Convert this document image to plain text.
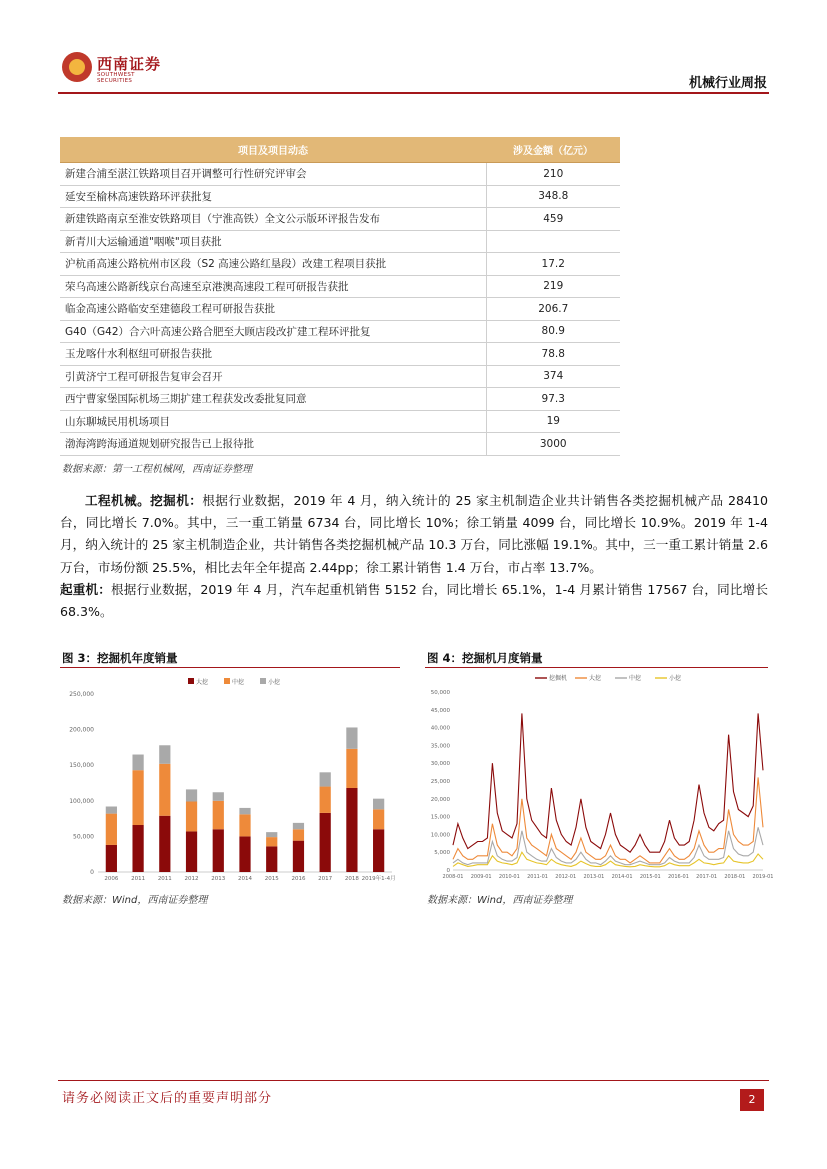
西南证券
SOUTHWEST SECURITIES	机械行业周报
项目及项目动态	涉及金额（亿元）
新建合浦至湛江铁路项目召开调整可行性研究评审会	210
延安至榆林高速铁路环评获批复	348.8
新建铁路南京至淮安铁路项目（宁淮高铁）全文公示版环评报告发布	459
新青川大运输通道"咽喉"项目获批	
沪杭甬高速公路杭州市区段（S2 高速公路红垦段）改建工程项目获批	17.2
荣乌高速公路新线京台高速至京港澳高速段工程可研报告获批	219
临金高速公路临安至建德段工程可研报告获批	206.7
G40（G42）合六叶高速公路合肥至大顾店段改扩建工程环评批复	80.9
玉龙喀什水利枢纽可研报告获批	78.8
引黄济宁工程可研报告复审会召开	374
西宁曹家堡国际机场三期扩建工程获发改委批复同意	97.3
山东聊城民用机场项目	19
渤海湾跨海通道规划研究报告已上报待批	3000
数据来源：第一工程机械网，西南证券整理
工程机械。挖掘机：根据行业数据，2019 年 4 月，纳入统计的 25 家主机制造企业共计销售各类挖掘机械产品 28410 台，同比增长 7.0%。其中，三一重工销量 6734 台，同比增长 10%；徐工销量 4099 台，同比增长 10.9%。2019 年 1-4 月，纳入统计的 25 家主机制造企业，共计销售各类挖掘机械产品 10.3 万台，同比涨幅 19.1%。其中，三一重工累计销量 2.6 万台，市场份额 25.5%，相比去年全年提高 2.44pp；徐工累计销售 1.4 万台，市占率 13.7%。
起重机：根据行业数据，2019 年 4 月，汽车起重机销售 5152 台，同比增长 65.1%，1-4 月累计销售 17567 台，同比增长 68.3%。
图 3：挖掘机年度销量
大挖	中挖	小挖
0
50,000
100,000
150,000
200,000
250,000
2006 2011 2011 2012 2013 2014 2015 2016 2017 2018 2019年1-4月
数据来源：Wind，西南证券整理
图 4：挖掘机月度销量
挖掘机	大挖	中挖	小挖
0
5,000
10,000
15,000
20,000
25,000
30,000
35,000
40,000
45,000
50,000
2008-01 2009-01 2010-01 2011-01 2012-01 2013-01 2014-01 2015-01 2016-01 2017-01 2018-01 2019-01
数据来源：Wind，西南证券整理
请务必阅读正文后的重要声明部分	2
